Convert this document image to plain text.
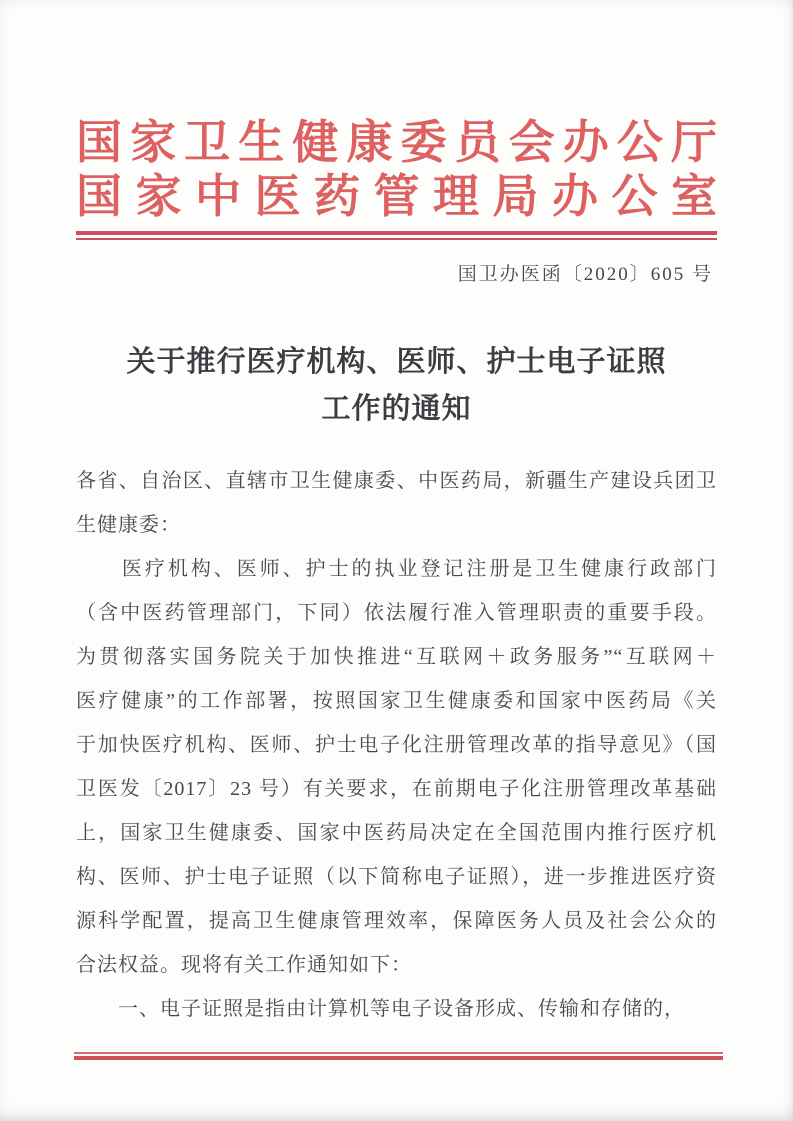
国家卫生健康委员会办公厅
国家中医药管理局办公室
国卫办医函〔2020〕605 号
关于推行医疗机构、医师、护士电子证照
工作的通知

各省、自治区、直辖市卫生健康委、中医药局，新疆生产建设兵团卫

生健康委：

　　医疗机构、医师、护士的执业登记注册是卫生健康行政部门

（含中医药管理部门，下同）依法履行准入管理职责的重要手段。

为贯彻落实国务院关于加快推进“互联网＋政务服务”“互联网＋

医疗健康”的工作部署，按照国家卫生健康委和国家中医药局《关

于加快医疗机构、医师、护士电子化注册管理改革的指导意见》（国

卫医发〔2017〕23 号）有关要求，在前期电子化注册管理改革基础

上，国家卫生健康委、国家中医药局决定在全国范围内推行医疗机

构、医师、护士电子证照（以下简称电子证照），进一步推进医疗资

源科学配置，提高卫生健康管理效率，保障医务人员及社会公众的

合法权益。现将有关工作通知如下：

　　一、电子证照是指由计算机等电子设备形成、传输和存储的，
